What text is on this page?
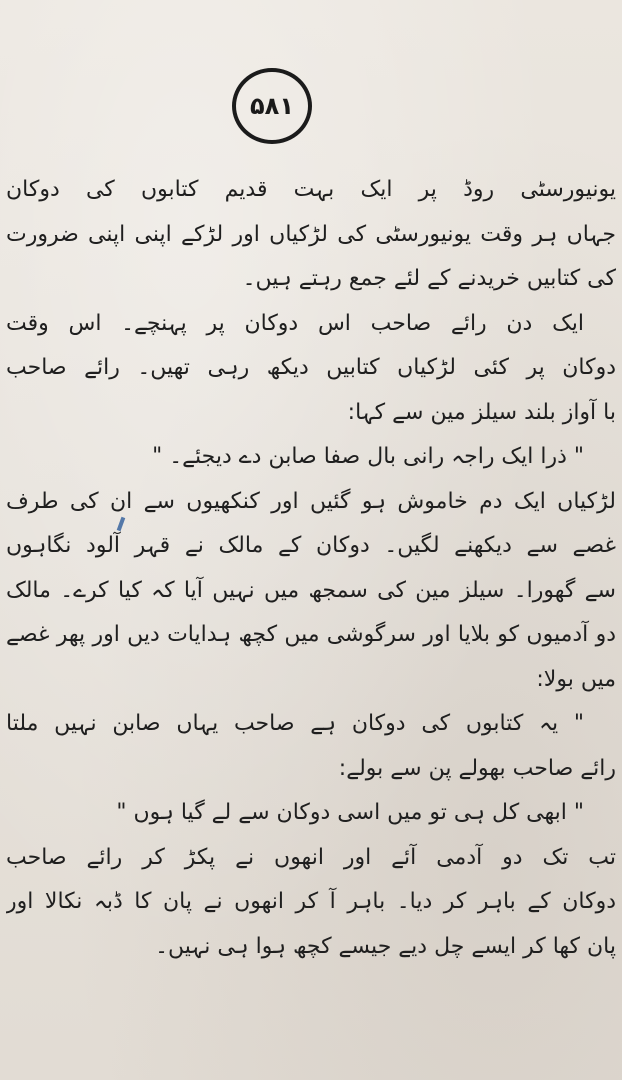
۵۸۱
یونیورسٹی روڈ پر ایک بہت قدیم کتابوں کی دوکان
جہاں ہر وقت یونیورسٹی کی لڑکیاں اور لڑکے اپنی اپنی ضرورت
کی کتابیں خریدنے کے لئے جمع رہتے ہیں۔
ایک دن رائے صاحب اس دوکان پر پہنچے۔ اس وقت
دوکان پر کئی لڑکیاں کتابیں دیکھ رہی تھیں۔ رائے صاحب
با آواز بلند سیلز مین سے کہا:
" ذرا ایک راجہ رانی بال صفا صابن دے دیجئے۔ "
لڑکیاں ایک دم خاموش ہو گئیں اور کنکھیوں سے ان کی طرف
غصے سے دیکھنے لگیں۔ دوکان کے مالک نے قہر آلود نگاہوں
سے گھورا۔ سیلز مین کی سمجھ میں نہیں آیا کہ کیا کرے۔ مالک
دو آدمیوں کو بلایا اور سرگوشی میں کچھ ہدایات دیں اور پھر غصے
میں بولا:
" یہ کتابوں کی دوکان ہے صاحب یہاں صابن نہیں ملتا
رائے صاحب بھولے پن سے بولے:
" ابھی کل ہی تو میں اسی دوکان سے لے گیا ہوں "
تب تک دو آدمی آئے اور انھوں نے پکڑ کر رائے صاحب
دوکان کے باہر کر دیا۔ باہر آ کر انھوں نے پان کا ڈبہ نکالا اور
پان کھا کر ایسے چل دیے جیسے کچھ ہوا ہی نہیں۔
